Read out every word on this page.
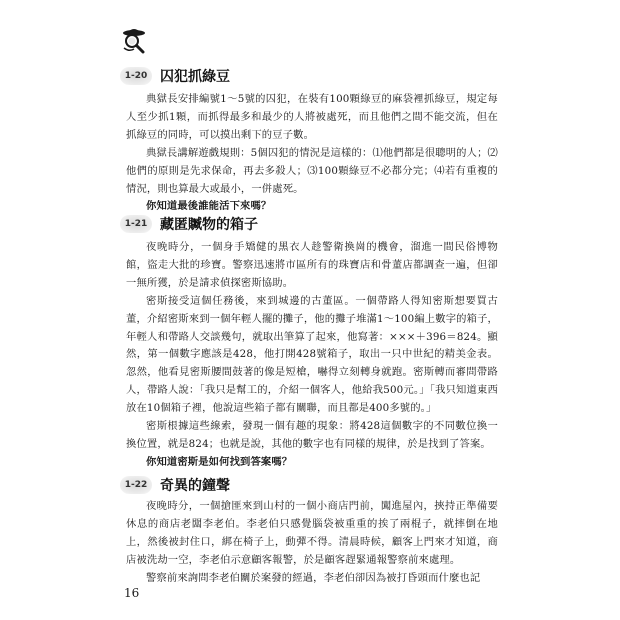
1-20 囚犯抓綠豆

典獄長安排編號1～5號的囚犯，在裝有100顆綠豆的麻袋裡抓綠豆，規定每人至少抓1顆，而抓得最多和最少的人將被處死，而且他們之間不能交流，但在抓綠豆的同時，可以摸出剩下的豆子數。

典獄長講解遊戲規則：5個囚犯的情況是這樣的：⑴他們都是很聰明的人；⑵他們的原則是先求保命，再去多殺人；⑶100顆綠豆不必都分完；⑷若有重複的情況，則也算最大或最小，一併處死。

你知道最後誰能活下來嗎？

1-21 藏匿贓物的箱子

夜晚時分，一個身手矯健的黑衣人趁警衛換崗的機會，溜進一間民俗博物館，盜走大批的珍寶。警察迅速將市區所有的珠寶店和骨董店都調查一遍，但卻一無所獲，於是請求偵探密斯協助。

密斯接受這個任務後，來到城邊的古董區。一個帶路人得知密斯想要買古董，介紹密斯來到一個年輕人擺的攤子，他的攤子堆滿1～100編上數字的箱子，年輕人和帶路人交談幾句，就取出筆算了起來，他寫著：×××＋396＝824。顯然，第一個數字應該是428，他打開428號箱子，取出一只中世紀的精美金表。忽然，他看見密斯腰間鼓著的像是短槍，嚇得立刻轉身就跑。密斯轉而審問帶路人，帶路人說：「我只是幫工的，介紹一個客人，他給我500元。」「我只知道東西放在10個箱子裡，他說這些箱子都有關聯，而且都是400多號的。」

密斯根據這些線索，發現一個有趣的現象：將428這個數字的不同數位換一換位置，就是824；也就是說，其他的數字也有同樣的規律，於是找到了答案。

你知道密斯是如何找到答案嗎？

1-22 奇異的鐘聲

夜晚時分，一個搶匪來到山村的一個小商店門前，闖進屋內，挾持正準備要休息的商店老闆李老伯。李老伯只感覺腦袋被重重的挨了兩棍子，就摔倒在地上，然後被封住口，綁在椅子上，動彈不得。清晨時候，顧客上門來才知道，商店被洗劫一空，李老伯示意顧客報警，於是顧客趕緊通報警察前來處理。

警察前來詢問李老伯關於案發的經過，李老伯卻因為被打昏頭而什麼也記

16
